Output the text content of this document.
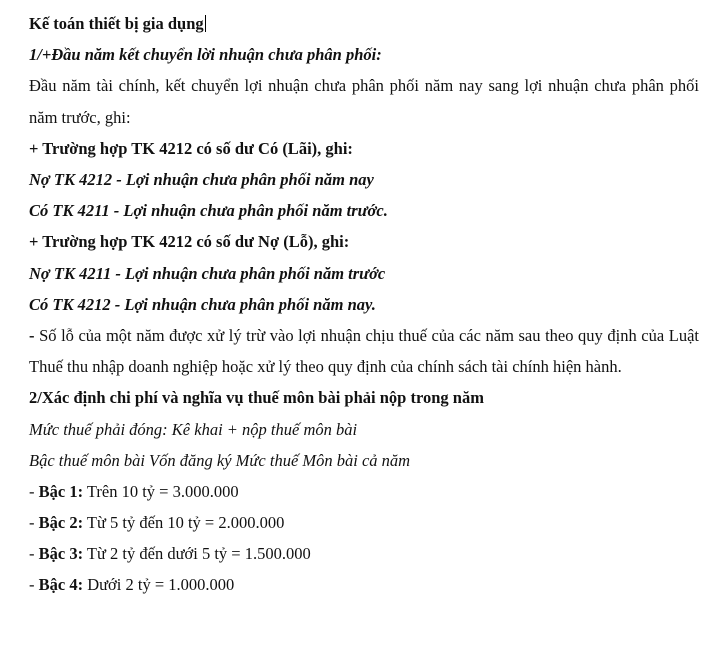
Kế toán thiết bị gia dụng
1/+Đầu năm kết chuyển lời nhuận chưa phân phối:
Đầu năm tài chính, kết chuyển lợi nhuận chưa phân phối năm nay sang lợi nhuận chưa phân phối năm trước, ghi:
+ Trường hợp TK 4212 có số dư Có (Lãi), ghi:
Nợ TK 4212 - Lợi nhuận chưa phân phối năm nay
Có TK 4211 - Lợi nhuận chưa phân phối năm trước.
+ Trường hợp TK 4212 có số dư Nợ (Lỗ), ghi:
Nợ TK 4211 - Lợi nhuận chưa phân phối năm trước
Có TK 4212 - Lợi nhuận chưa phân phối năm nay.
- Số lỗ của một năm được xử lý trừ vào lợi nhuận chịu thuế của các năm sau theo quy định của Luật Thuế thu nhập doanh nghiệp hoặc xử lý theo quy định của chính sách tài chính hiện hành.
2/Xác định chi phí và nghĩa vụ thuế môn bài phải nộp trong năm
Mức thuế phải đóng: Kê khai + nộp thuế môn bài
Bậc thuế môn bài Vốn đăng ký Mức thuế Môn bài cả năm
- Bậc 1: Trên 10 tỷ = 3.000.000
- Bậc 2: Từ 5 tỷ đến 10 tỷ = 2.000.000
- Bậc 3: Từ 2 tỷ đến dưới 5 tỷ = 1.500.000
- Bậc 4: Dưới 2 tỷ = 1.000.000
